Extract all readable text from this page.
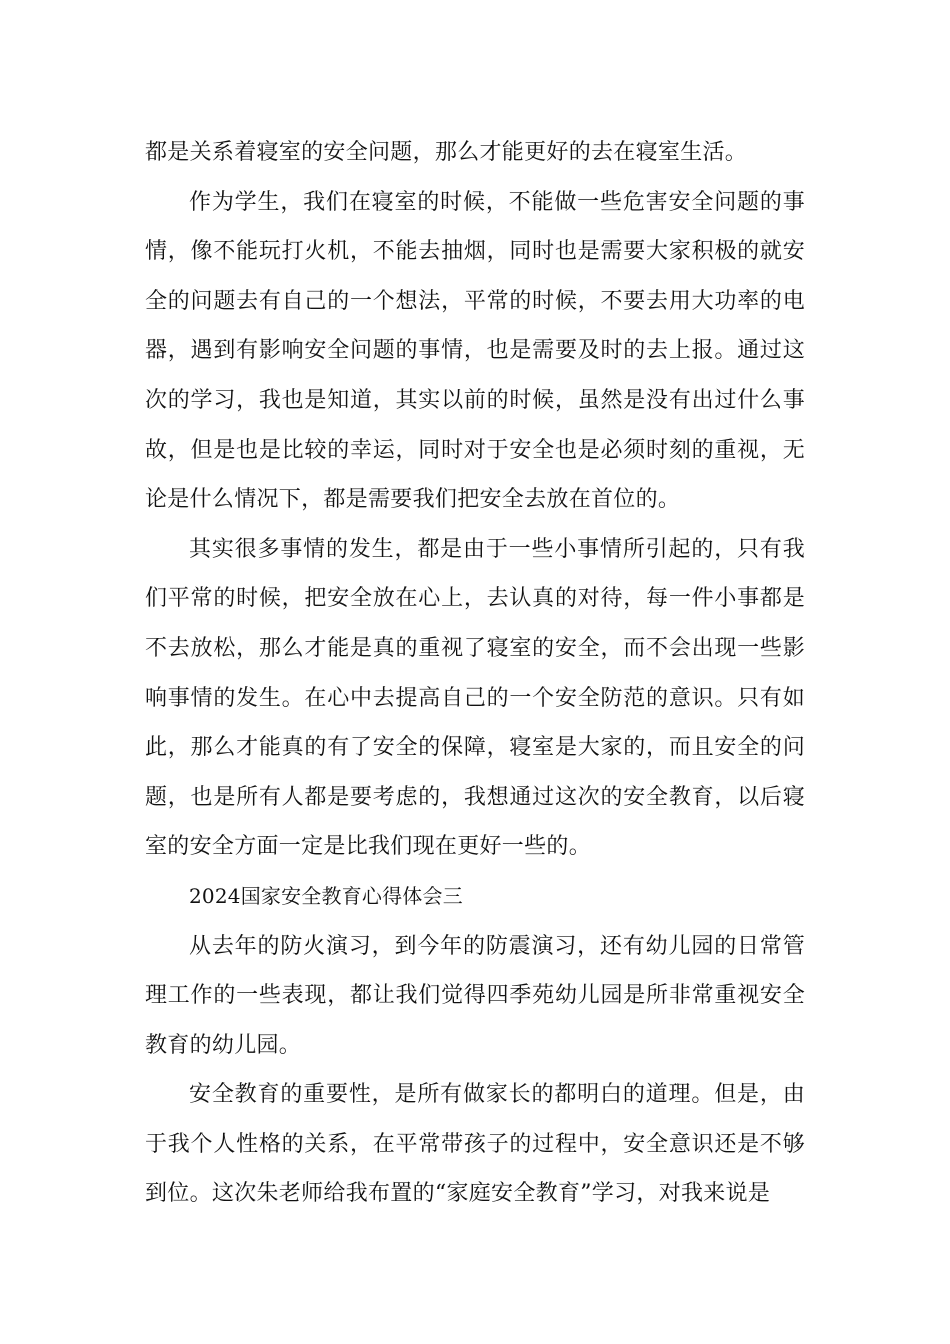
都是关系着寝室的安全问题，那么才能更好的去在寝室生活。

作为学生，我们在寝室的时候，不能做一些危害安全问题的事情，像不能玩打火机，不能去抽烟，同时也是需要大家积极的就安全的问题去有自己的一个想法，平常的时候，不要去用大功率的电器，遇到有影响安全问题的事情，也是需要及时的去上报。通过这次的学习，我也是知道，其实以前的时候，虽然是没有出过什么事故，但是也是比较的幸运，同时对于安全也是必须时刻的重视，无论是什么情况下，都是需要我们把安全去放在首位的。

其实很多事情的发生，都是由于一些小事情所引起的，只有我们平常的时候，把安全放在心上，去认真的对待，每一件小事都是不去放松，那么才能是真的重视了寝室的安全，而不会出现一些影响事情的发生。在心中去提高自己的一个安全防范的意识。只有如此，那么才能真的有了安全的保障，寝室是大家的，而且安全的问题，也是所有人都是要考虑的，我想通过这次的安全教育，以后寝室的安全方面一定是比我们现在更好一些的。

2024国家安全教育心得体会三

从去年的防火演习，到今年的防震演习，还有幼儿园的日常管理工作的一些表现，都让我们觉得四季苑幼儿园是所非常重视安全教育的幼儿园。

安全教育的重要性，是所有做家长的都明白的道理。但是，由于我个人性格的关系，在平常带孩子的过程中，安全意识还是不够到位。这次朱老师给我布置的“家庭安全教育”学习，对我来说是
